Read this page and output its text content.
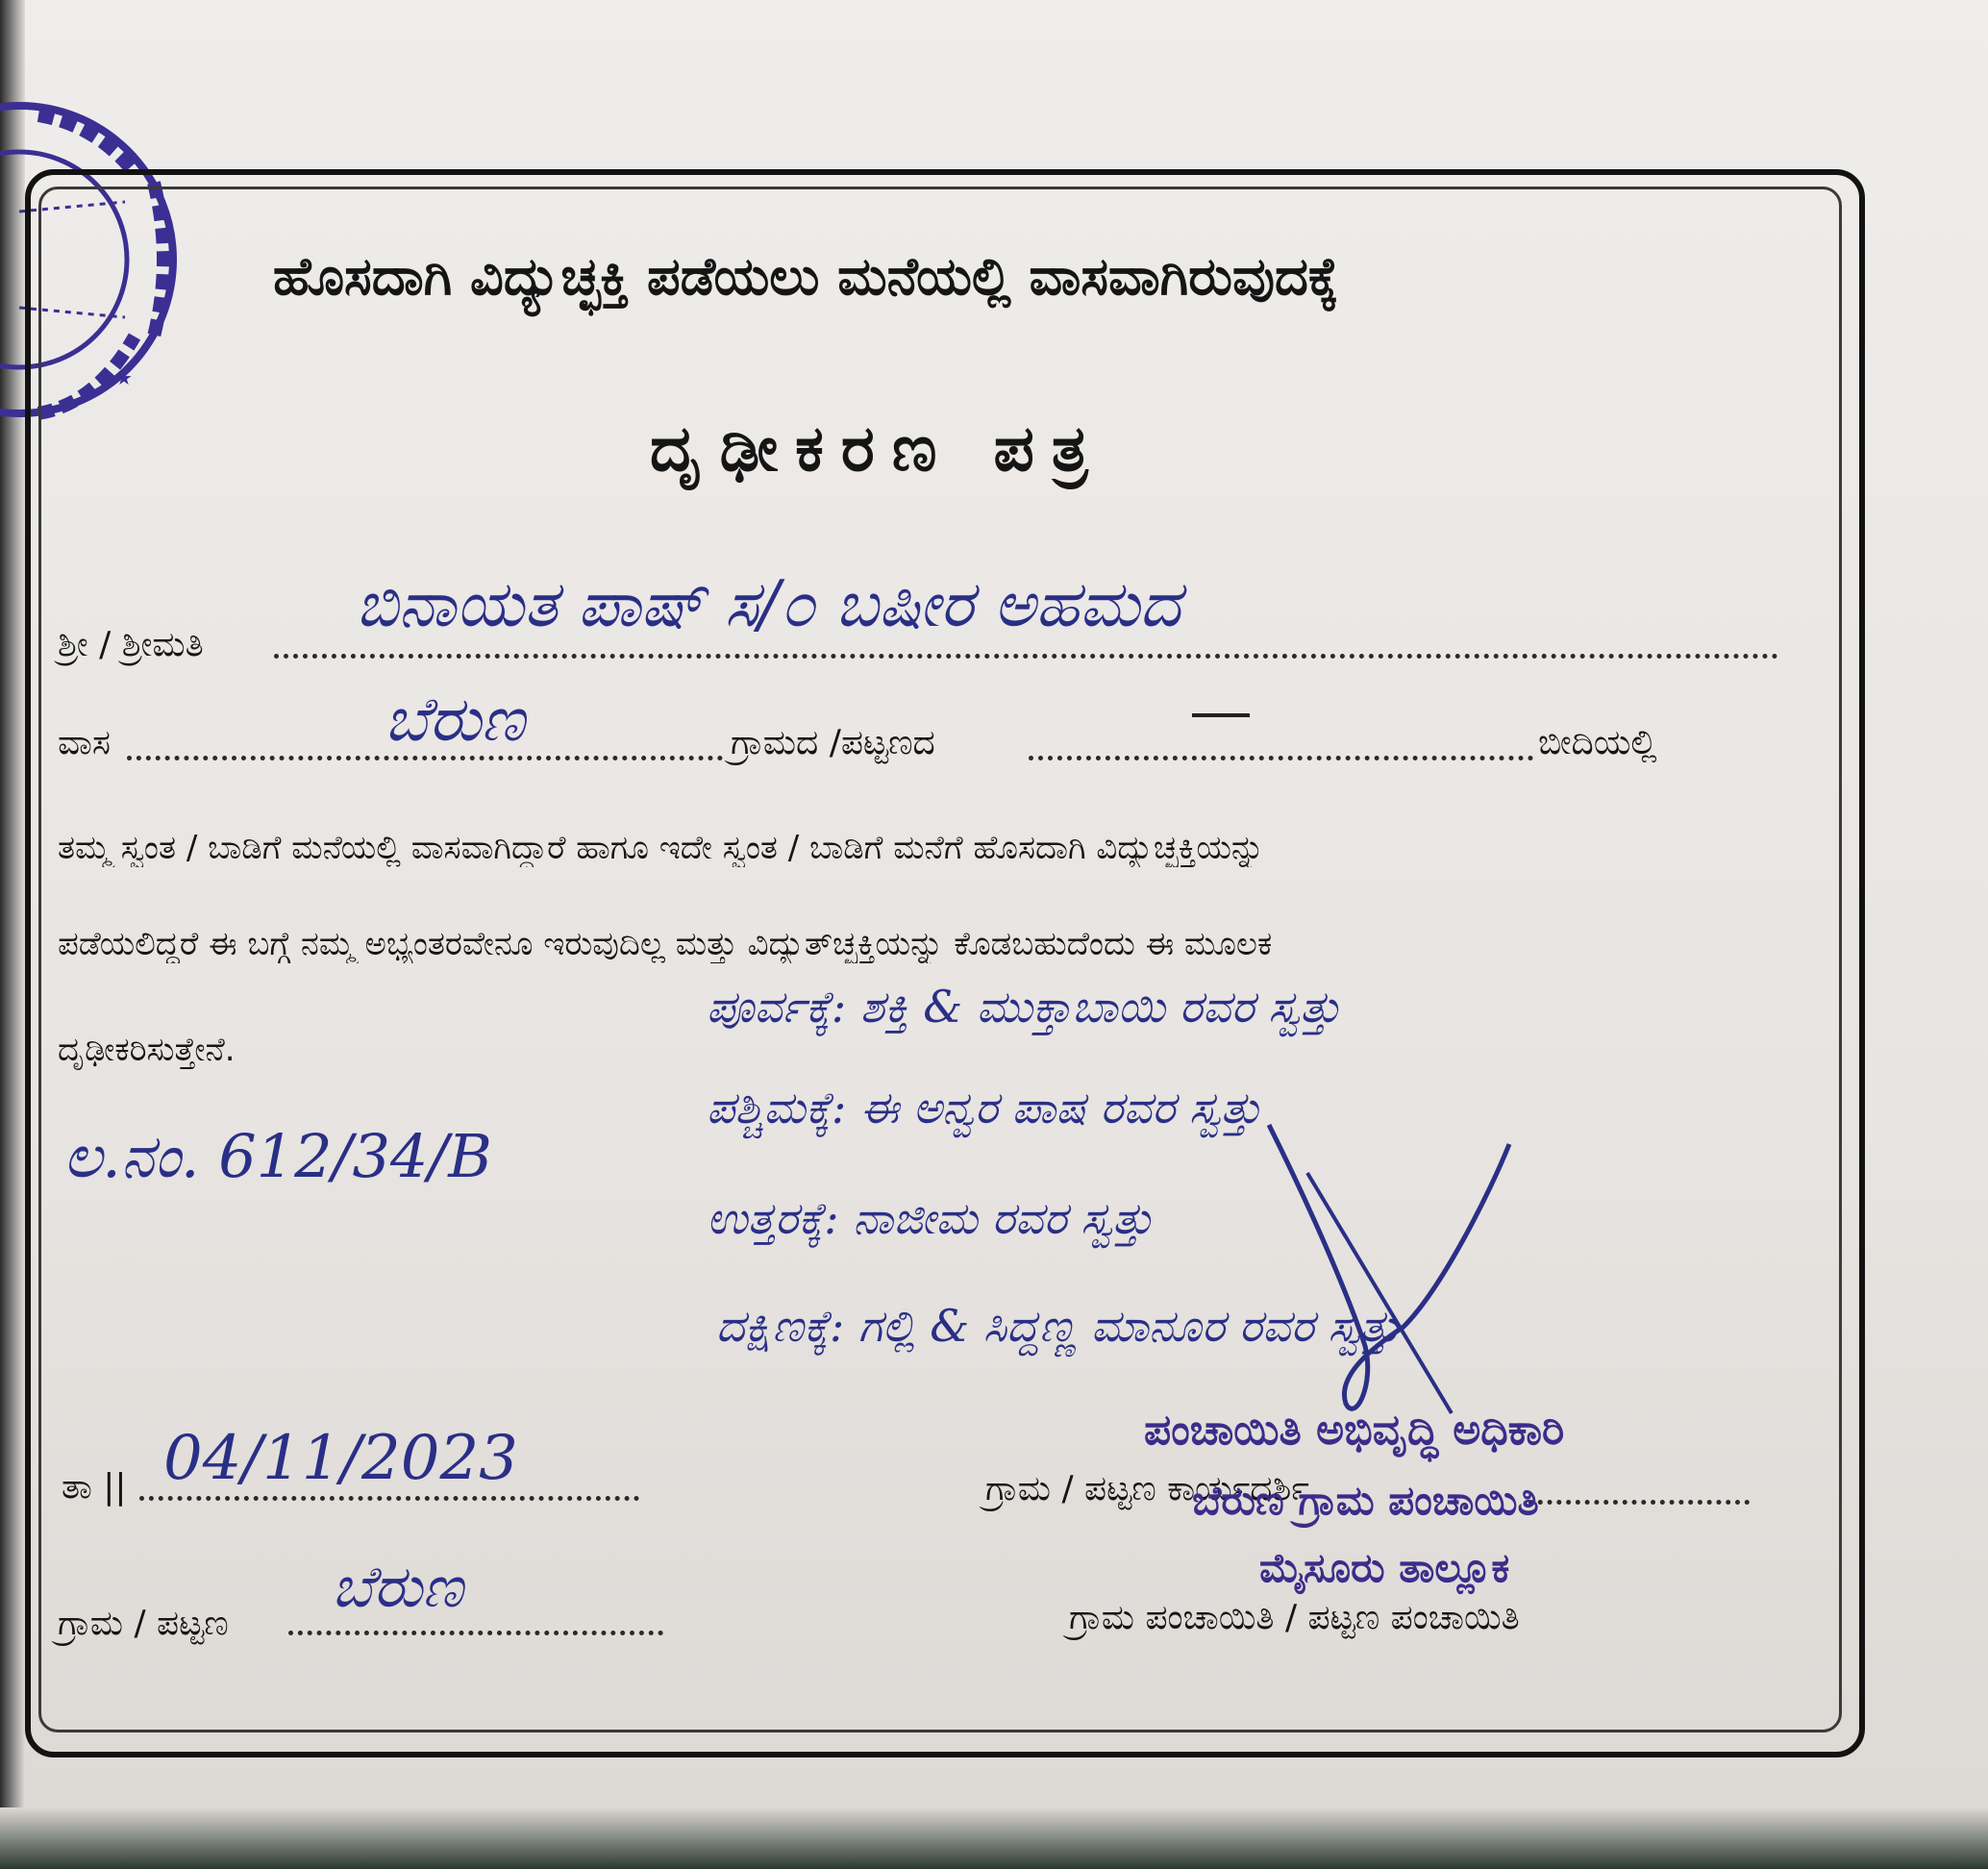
★
ಹೊಸದಾಗಿ ವಿದ್ಯುಚ್ಛಕ್ತಿ ಪಡೆಯಲು ಮನೆಯಲ್ಲಿ ವಾಸವಾಗಿರುವುದಕ್ಕೆ
ದೃಢೀಕರಣ ಪತ್ರ
ಶ್ರೀ / ಶ್ರೀಮತಿ
ಬಿನಾಯತ ಪಾಷ್ ಸ/೦ ಬಷೀರ ಅಹಮದ
ವಾಸ	ಬೆರುಣ	ಗ್ರಾಮದ /ಪಟ್ಟಣದ	ಬೀದಿಯಲ್ಲಿ
ತಮ್ಮ ಸ್ವಂತ / ಬಾಡಿಗೆ ಮನೆಯಲ್ಲಿ ವಾಸವಾಗಿದ್ದಾರೆ ಹಾಗೂ ಇದೇ ಸ್ವಂತ / ಬಾಡಿಗೆ ಮನೆಗೆ ಹೊಸದಾಗಿ ವಿದ್ಯುಚ್ಛಕ್ತಿಯನ್ನು
ಪಡೆಯಲಿದ್ದರೆ ಈ ಬಗ್ಗೆ ನಮ್ಮ ಅಭ್ಯಂತರವೇನೂ ಇರುವುದಿಲ್ಲ ಮತ್ತು ವಿದ್ಯುತ್‌ಚ್ಛಕ್ತಿಯನ್ನು ಕೊಡಬಹುದೆಂದು ಈ ಮೂಲಕ
ದೃಢೀಕರಿಸುತ್ತೇನೆ.
ಲ.ನಂ. 612/34/B
ಪೂರ್ವಕ್ಕೆ: ಶಕ್ತಿ & ಮುಕ್ತಾಬಾಯಿ ರವರ ಸ್ವತ್ತು
ಪಶ್ಚಿಮಕ್ಕೆ: ಈ ಅನ್ವರ ಪಾಷ ರವರ ಸ್ವತ್ತು
ಉತ್ತರಕ್ಕೆ: ನಾಜೀಮ ರವರ ಸ್ವತ್ತು
ದಕ್ಷಿಣಕ್ಕೆ: ಗಲ್ಲಿ & ಸಿದ್ದಣ್ಣ ಮಾನೂರ ರವರ ಸ್ವತ್ತು
ತಾ || 04/11/2023
ಗ್ರಾಮ / ಪಟ್ಟಣ
ಬೆರುಣ
ಗ್ರಾಮ / ಪಟ್ಟಣ ಕಾರ್ಯದರ್ಶಿ
ಗ್ರಾಮ ಪಂಚಾಯಿತಿ / ಪಟ್ಟಣ ಪಂಚಾಯಿತಿ
ಪಂಚಾಯಿತಿ ಅಭಿವೃದ್ಧಿ ಅಧಿಕಾರಿ
ಬೆರುಣ ಗ್ರಾಮ ಪಂಚಾಯಿತಿ
ಮೈಸೂರು ತಾಲ್ಲೂಕ
